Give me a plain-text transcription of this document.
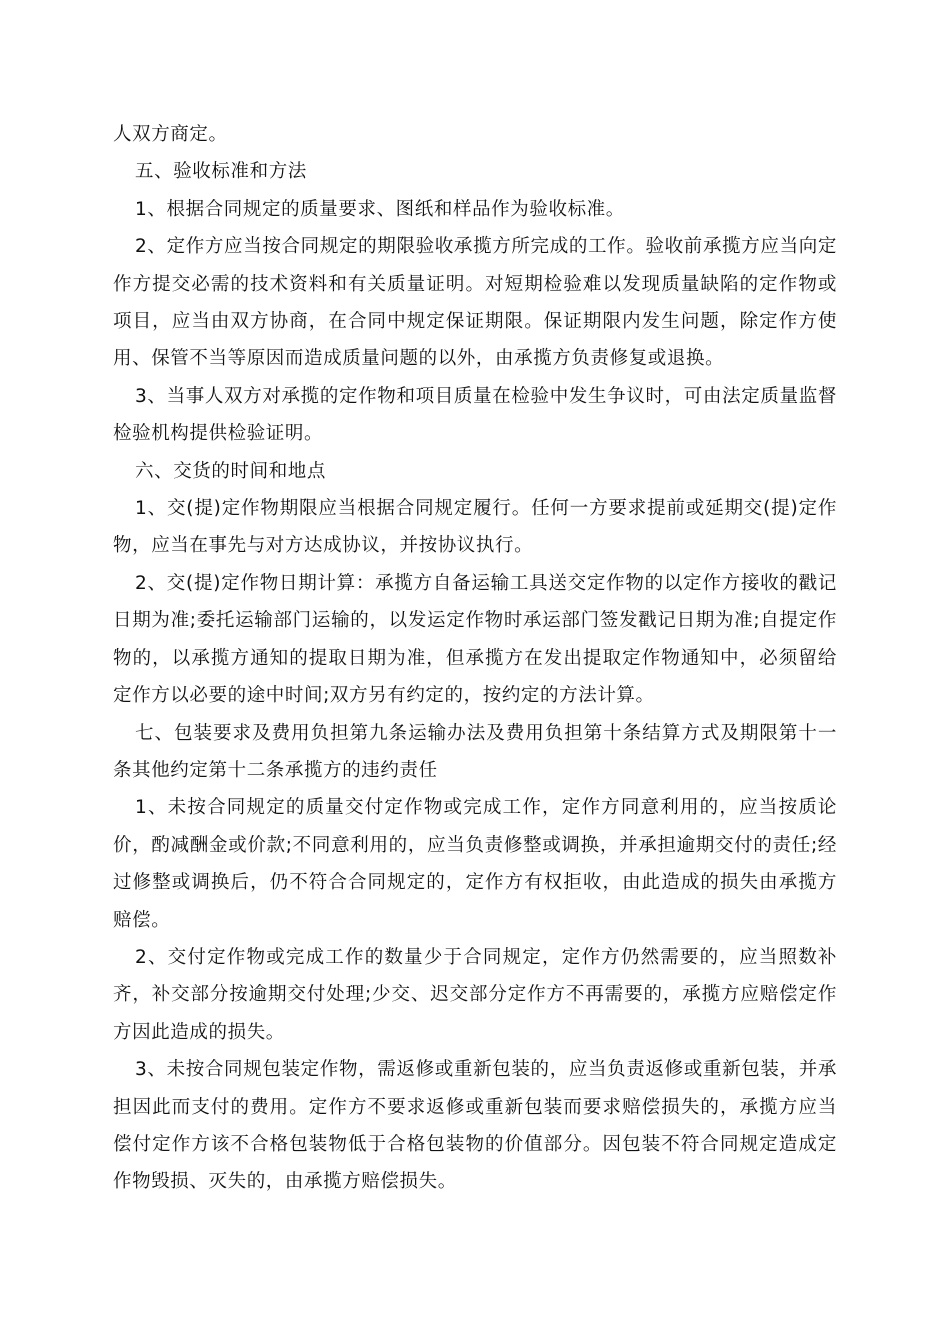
人双方商定。

五、验收标准和方法

1、根据合同规定的质量要求、图纸和样品作为验收标准。

2、定作方应当按合同规定的期限验收承揽方所完成的工作。验收前承揽方应当向定作方提交必需的技术资料和有关质量证明。对短期检验难以发现质量缺陷的定作物或项目，应当由双方协商，在合同中规定保证期限。保证期限内发生问题，除定作方使用、保管不当等原因而造成质量问题的以外，由承揽方负责修复或退换。

3、当事人双方对承揽的定作物和项目质量在检验中发生争议时，可由法定质量监督检验机构提供检验证明。

六、交货的时间和地点

1、交(提)定作物期限应当根据合同规定履行。任何一方要求提前或延期交(提)定作物，应当在事先与对方达成协议，并按协议执行。

2、交(提)定作物日期计算：承揽方自备运输工具送交定作物的以定作方接收的戳记日期为准;委托运输部门运输的，以发运定作物时承运部门签发戳记日期为准;自提定作物的，以承揽方通知的提取日期为准，但承揽方在发出提取定作物通知中，必须留给定作方以必要的途中时间;双方另有约定的，按约定的方法计算。

七、包装要求及费用负担第九条运输办法及费用负担第十条结算方式及期限第十一条其他约定第十二条承揽方的违约责任

1、未按合同规定的质量交付定作物或完成工作，定作方同意利用的，应当按质论价，酌减酬金或价款;不同意利用的，应当负责修整或调换，并承担逾期交付的责任;经过修整或调换后，仍不符合合同规定的，定作方有权拒收，由此造成的损失由承揽方赔偿。

2、交付定作物或完成工作的数量少于合同规定，定作方仍然需要的，应当照数补齐，补交部分按逾期交付处理;少交、迟交部分定作方不再需要的，承揽方应赔偿定作方因此造成的损失。

3、未按合同规包装定作物，需返修或重新包装的，应当负责返修或重新包装，并承担因此而支付的费用。定作方不要求返修或重新包装而要求赔偿损失的，承揽方应当偿付定作方该不合格包装物低于合格包装物的价值部分。因包装不符合同规定造成定作物毁损、灭失的，由承揽方赔偿损失。
